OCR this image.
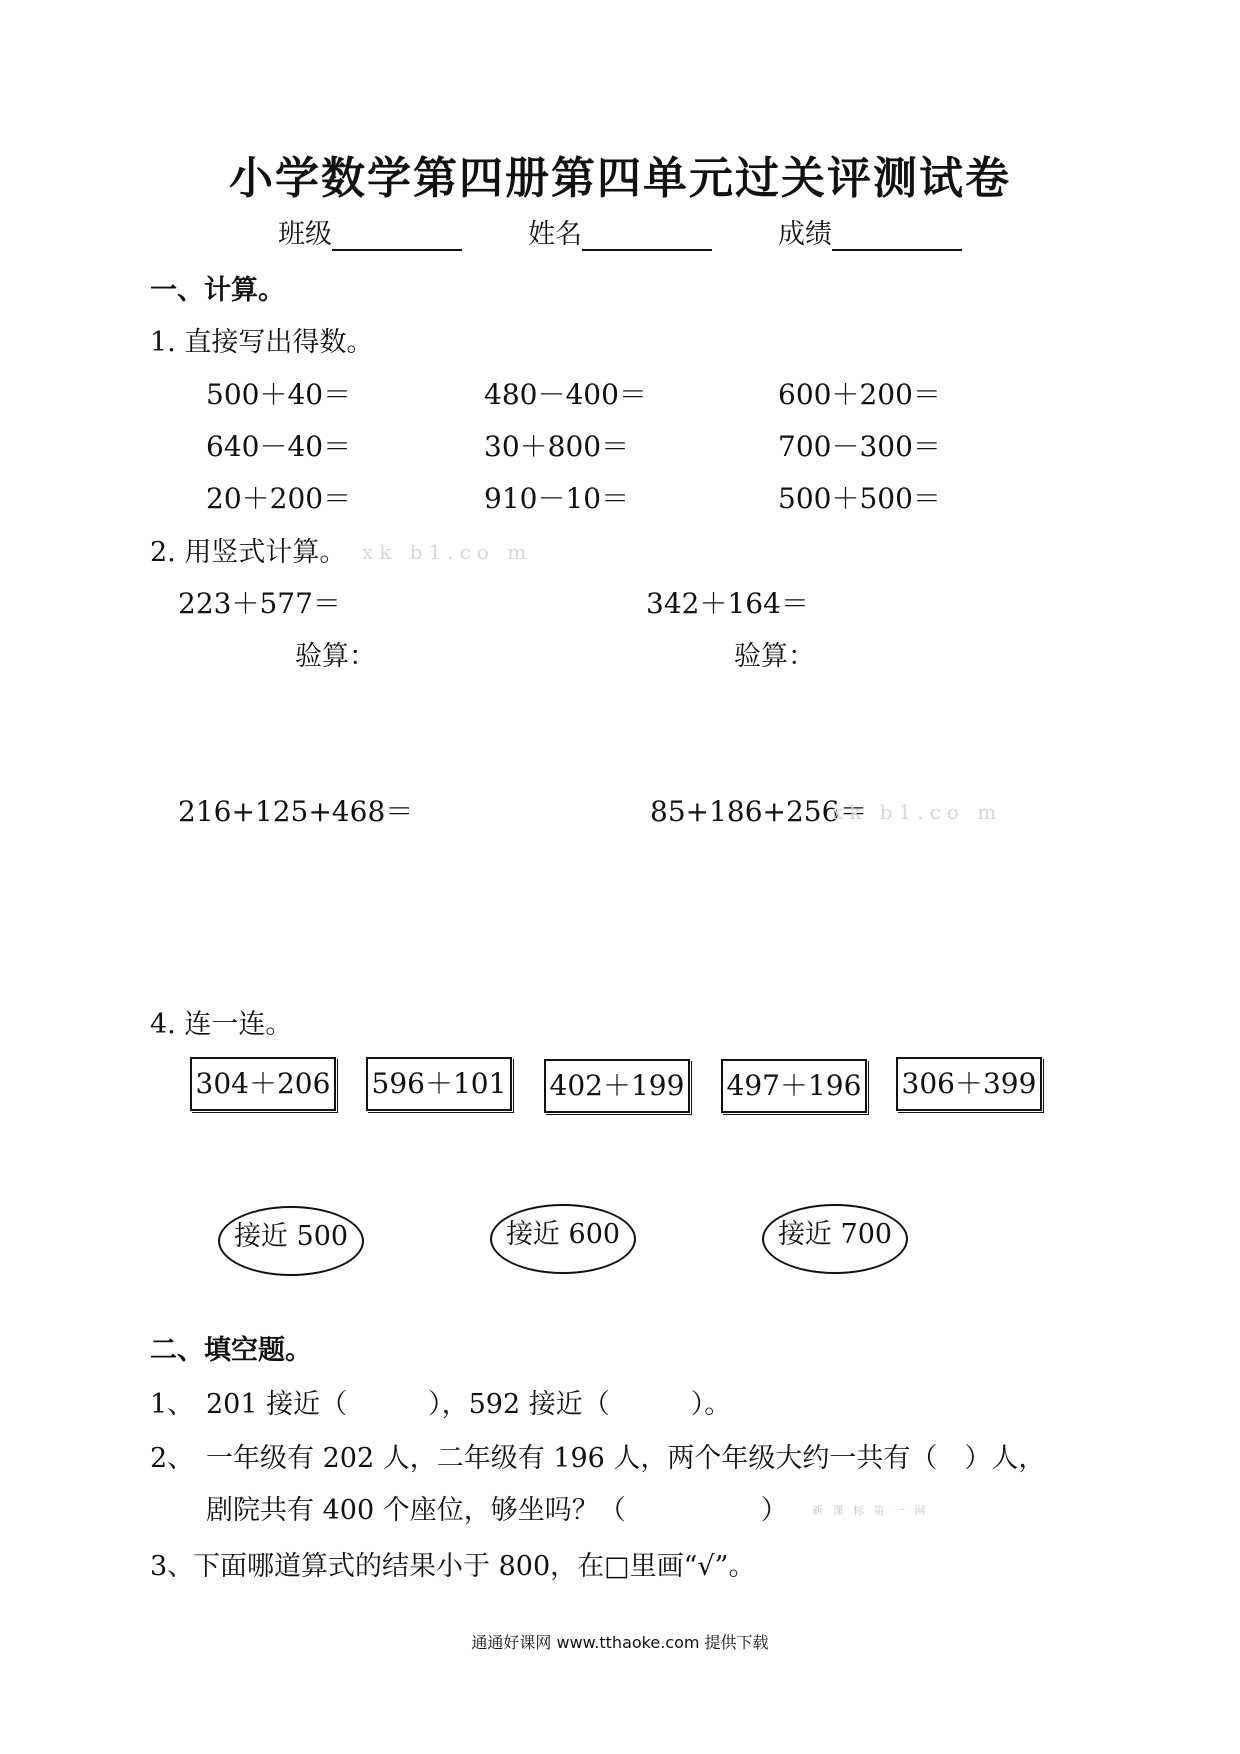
小学数学第四册第四单元过关评测试卷
班级	姓名	成绩
一、计算。
1. 直接写出得数。
500＋40＝	480－400＝	600＋200＝
640－40＝	30＋800＝	700－300＝
20＋200＝	910－10＝	500＋500＝
2. 用竖式计算。 xk b1.co m
223＋577＝	342＋164＝
验算：	验算：
216+125+468＝	85+186+256＝
xk b1.co m
4. 连一连。
304＋206 596＋101 402＋199 497＋196 306＋399
接近 500	接近 600	接近 700
二、填空题。
1、 201 接近（　　　），592 接近（　　　）。
2、 一年级有 202 人，二年级有 196 人，两个年级大约一共有（　）人，
剧院共有 400 个座位，够坐吗？（　　　　　） 新 课 标 第 一 网
3、
下面哪道算式的结果小于 800，在□里画“√”。
通通好课网 www.tthaoke.com 提供下载
